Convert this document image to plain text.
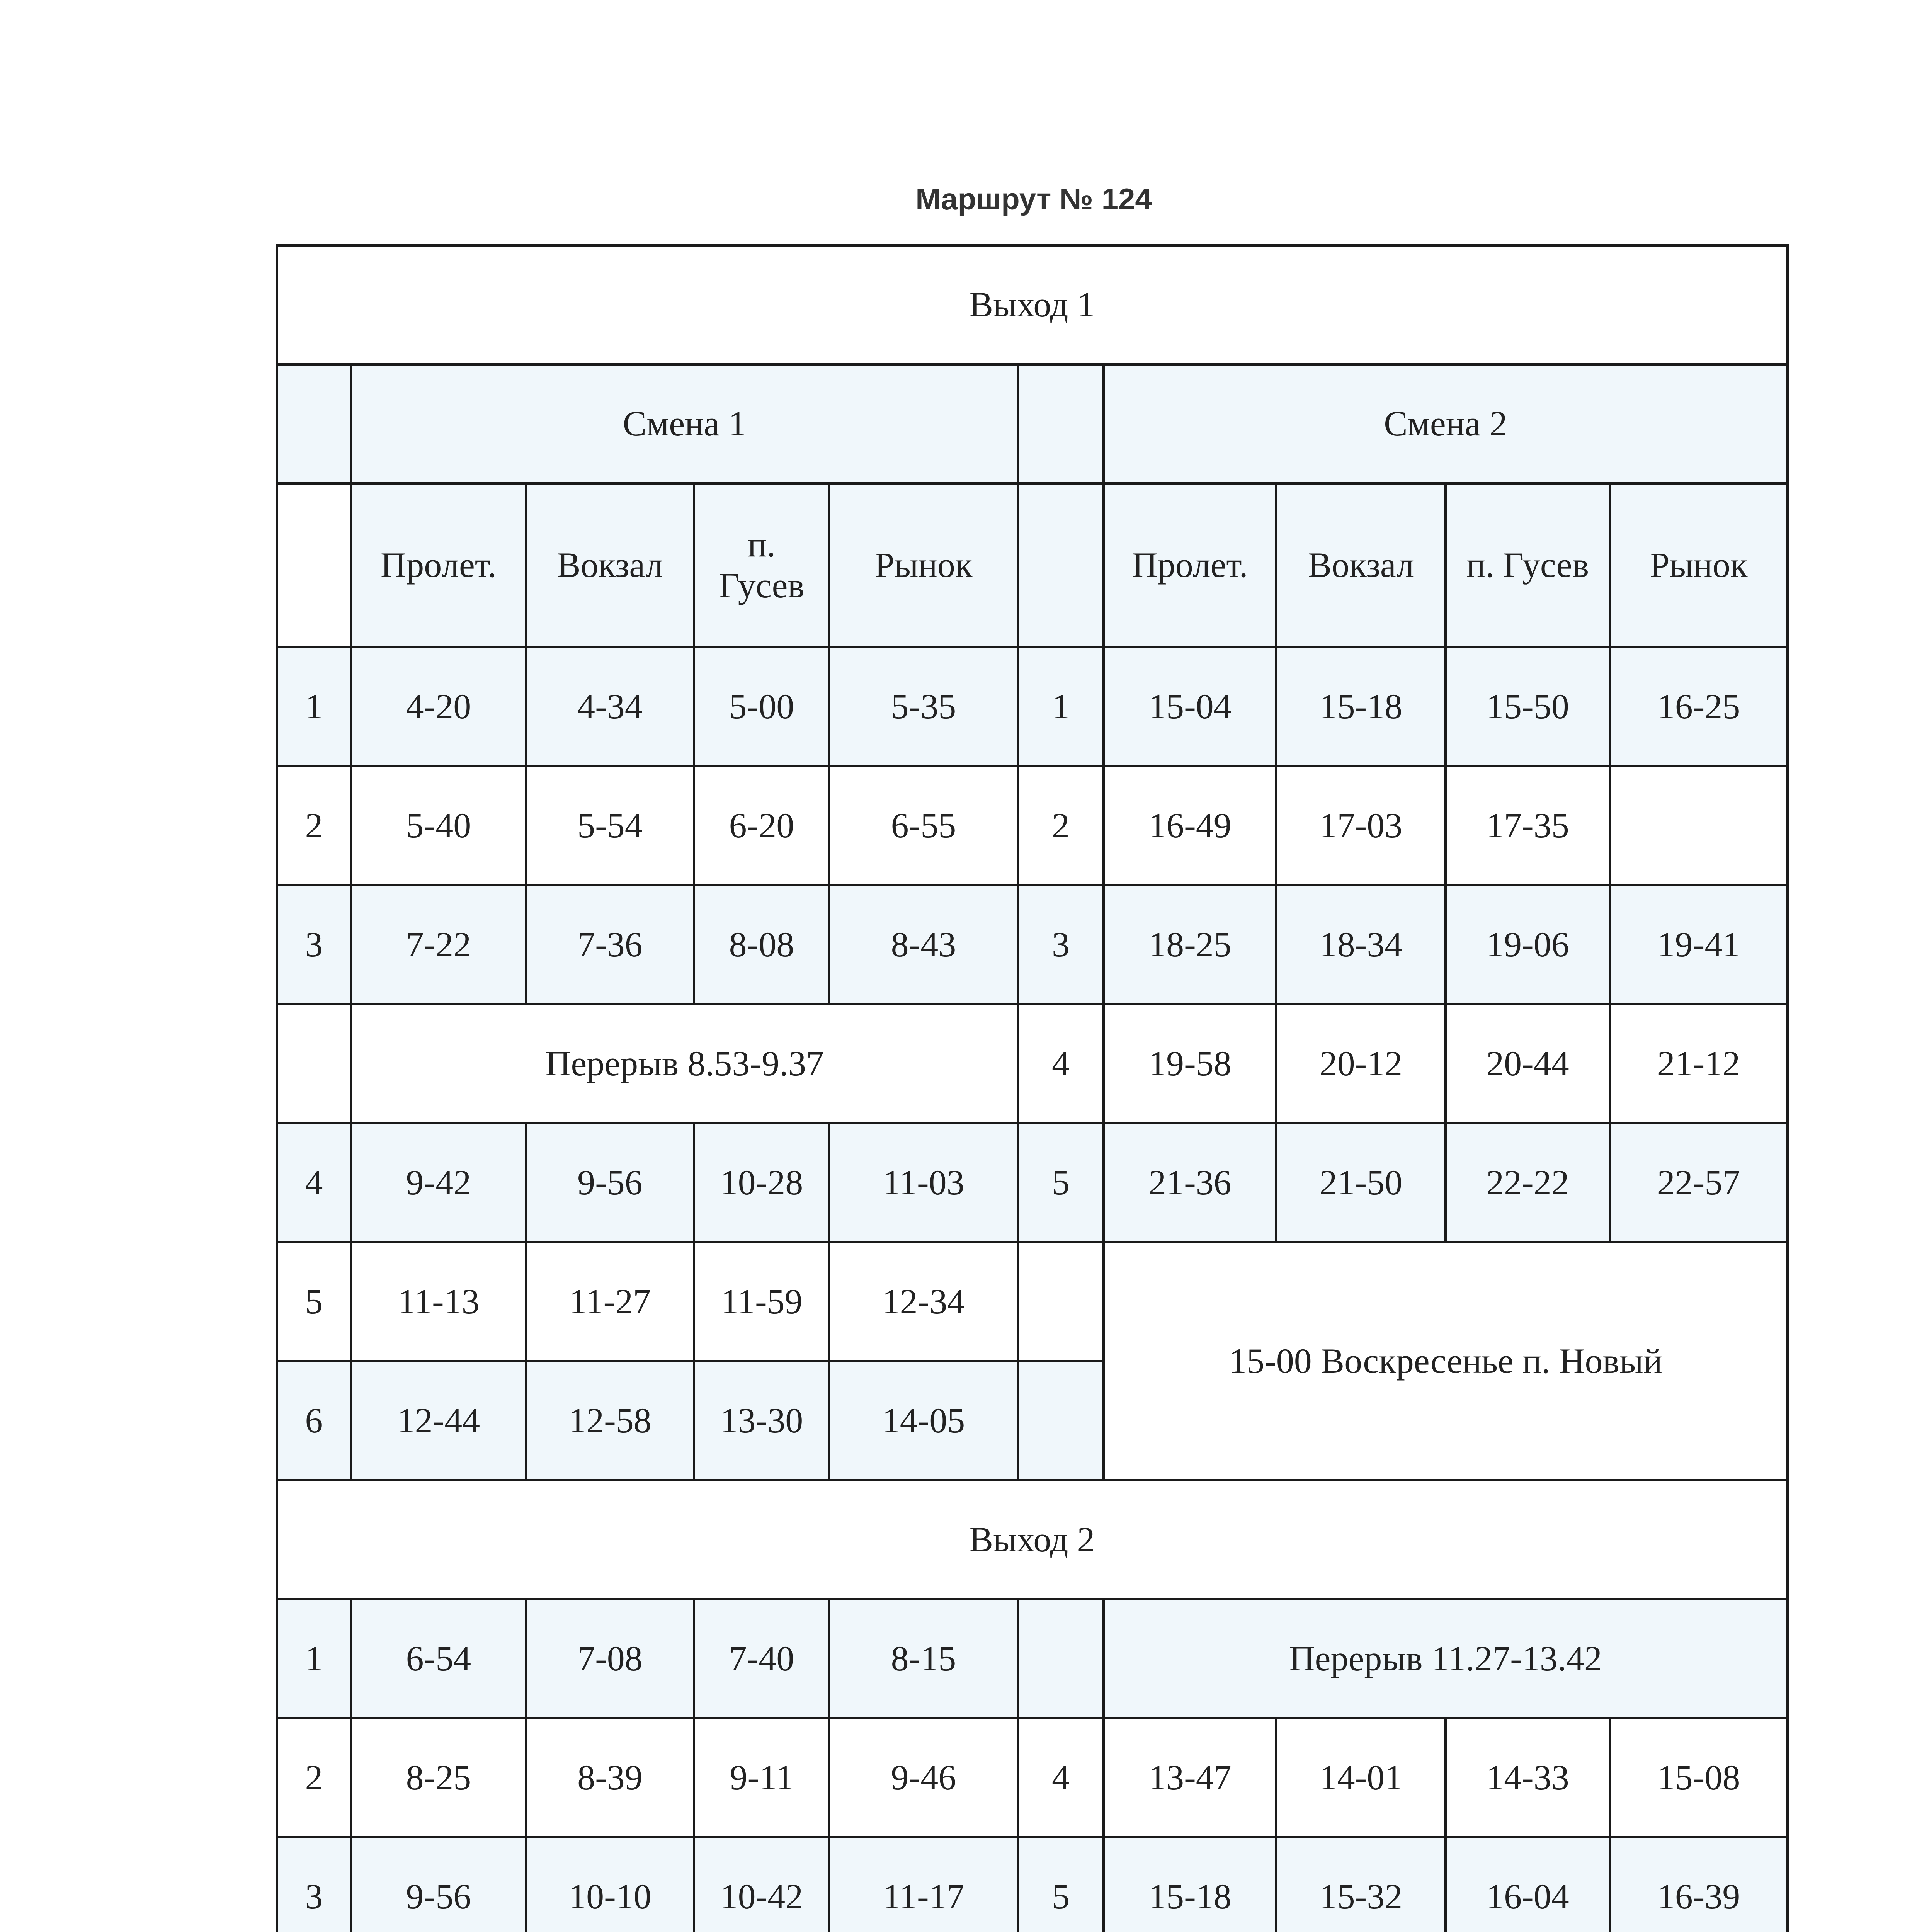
Маршрут № 124
Выход 1									
	Смена 1					Смена 2			
	Пролет.	Вокзал	п.
Гусев	Рынок		Пролет.	Вокзал	п. Гусев	Рынок
1	4-20	4-34	5-00	5-35	1	15-04	15-18	15-50	16-25
2	5-40	5-54	6-20	6-55	2	16-49	17-03	17-35	
3	7-22	7-36	8-08	8-43	3	18-25	18-34	19-06	19-41
	Перерыв 8.53-9.37				4	19-58	20-12	20-44	21-12
4	9-42	9-56	10-28	11-03	5	21-36	21-50	22-22	22-57
5	11-13	11-27	11-59	12-34		15-00 Воскресенье п. Новый			
6	12-44	12-58	13-30	14-05					
Выход 2									
1	6-54	7-08	7-40	8-15		Перерыв 11.27-13.42			
2	8-25	8-39	9-11	9-46	4	13-47	14-01	14-33	15-08
3	9-56	10-10	10-42	11-17	5	15-18	15-32	16-04	16-39
